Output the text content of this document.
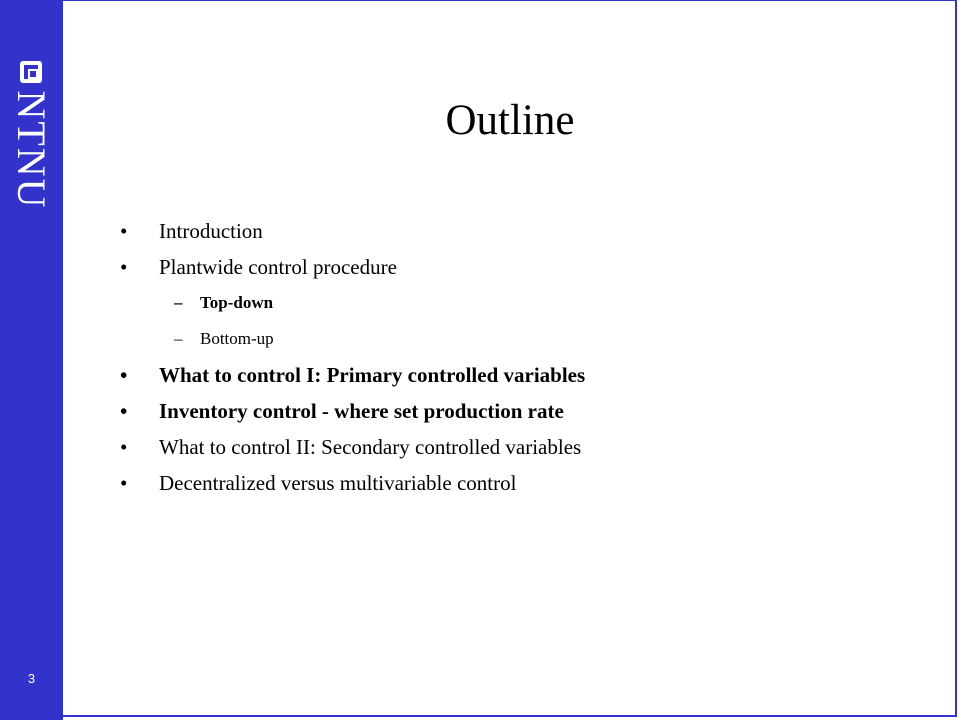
NTNU
3
Outline
• Introduction
• Plantwide control procedure
– Top-down
– Bottom-up
• What to control I: Primary controlled variables
• Inventory control - where set production rate
• What to control II: Secondary controlled variables
• Decentralized versus multivariable control
